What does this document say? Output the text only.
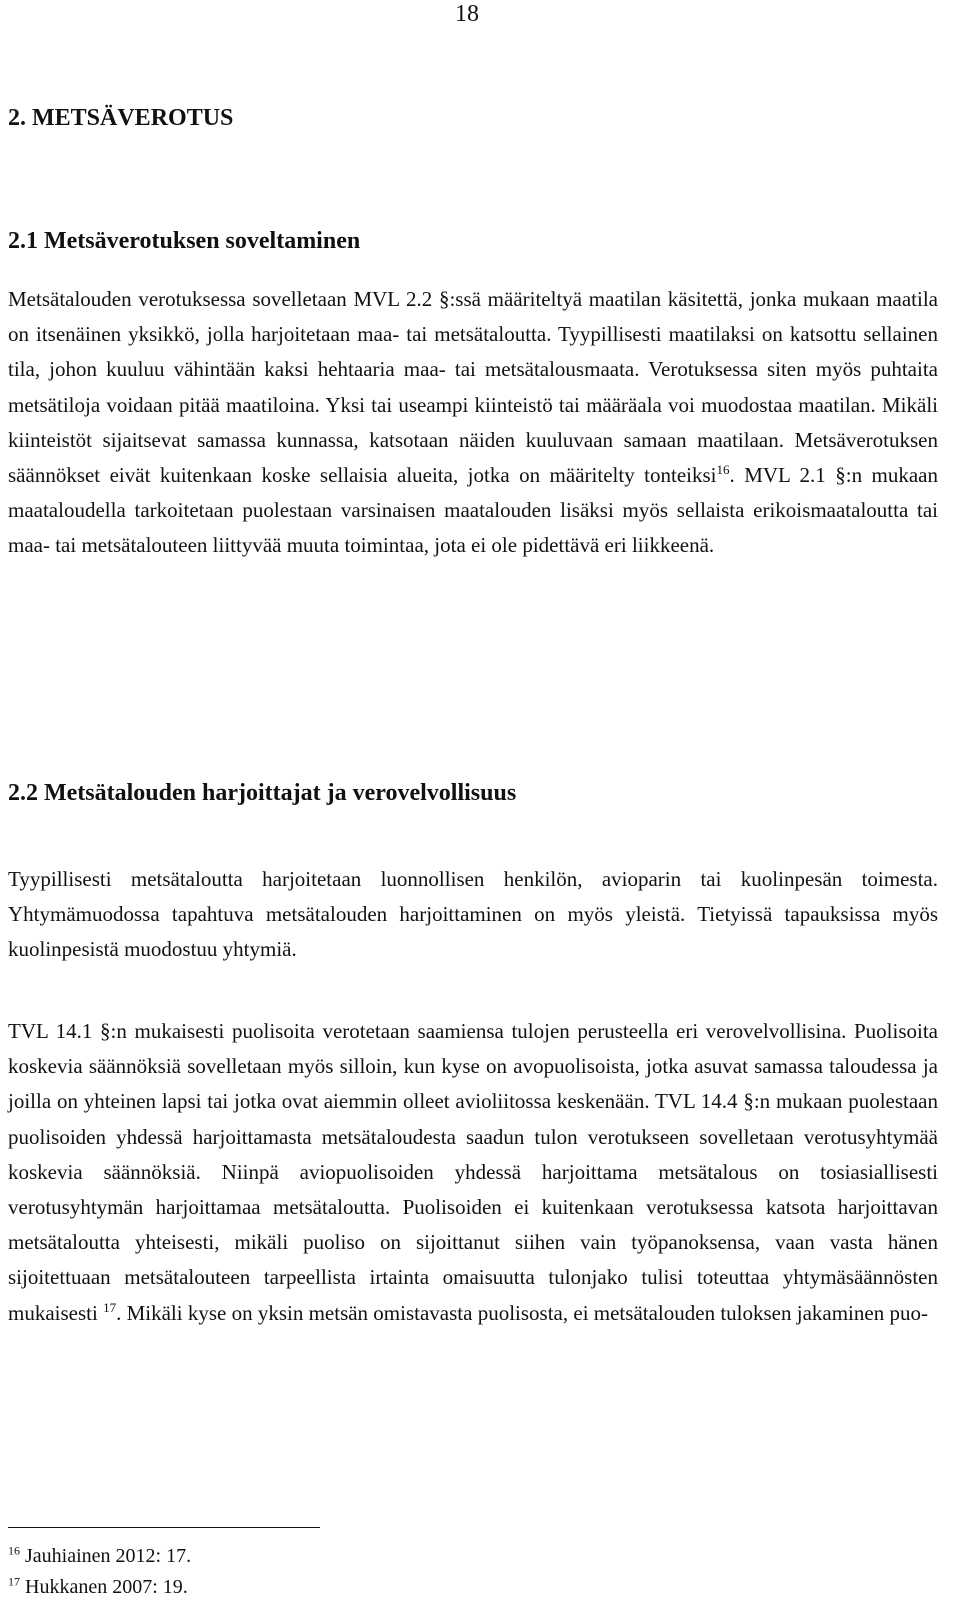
18
2. METSÄVEROTUS
2.1 Metsäverotuksen soveltaminen

Metsätalouden verotuksessa sovelletaan MVL 2.2 §:ssä määriteltyä maatilan käsitettä, jonka mukaan maatila on itsenäinen yksikkö, jolla harjoitetaan maa- tai metsätaloutta. Tyypillisesti maatilaksi on katsottu sellainen tila, johon kuuluu vähintään kaksi hehtaaria maa- tai metsätalousmaata. Verotuksessa siten myös puhtaita metsätiloja voidaan pitää maatiloina. Yksi tai useampi kiinteistö tai määräala voi muodostaa maatilan. Mikäli kiinteistöt sijaitsevat samassa kunnassa, katsotaan näiden kuuluvaan samaan maatilaan. Metsäverotuksen säännökset eivät kuitenkaan koske sellaisia alueita, jotka on määritelty tonteiksi$^{16}$. MVL 2.1 §:n mukaan maataloudella tarkoitetaan puolestaan varsinaisen maatalouden lisäksi myös sellaista erikoismaataloutta tai maa- tai metsätalouteen liittyvää muuta toimintaa, jota ei ole pidettävä eri liikkeenä.

2.2 Metsätalouden harjoittajat ja verovelvollisuus

Tyypillisesti metsätaloutta harjoitetaan luonnollisen henkilön, avioparin tai kuolinpesän toimesta. Yhtymämuodossa tapahtuva metsätalouden harjoittaminen on myös yleistä. Tietyissä tapauksissa myös kuolinpesistä muodostuu yhtymiä.

TVL 14.1 §:n mukaisesti puolisoita verotetaan saamiensa tulojen perusteella eri verovelvollisina. Puolisoita koskevia säännöksiä sovelletaan myös silloin, kun kyse on avopuolisoista, jotka asuvat samassa taloudessa ja joilla on yhteinen lapsi tai jotka ovat aiemmin olleet avioliitossa keskenään. TVL 14.4 §:n mukaan puolestaan puolisoiden yhdessä harjoittamasta metsätaloudesta saadun tulon verotukseen sovelletaan verotusyhtymää koskevia säännöksiä. Niinpä aviopuolisoiden yhdessä harjoittama metsätalous on tosiasiallisesti verotusyhtymän harjoittamaa metsätaloutta. Puolisoiden ei kuitenkaan verotuksessa katsota harjoittavan metsätaloutta yhteisesti, mikäli puoliso on sijoittanut siihen vain työpanoksensa, vaan vasta hänen sijoitettuaan metsätalouteen tarpeellista irtainta omaisuutta tulonjako tulisi toteuttaa yhtymäsäännösten mukaisesti $^{17}$. Mikäli kyse on yksin metsän omistavasta puolisosta, ei metsätalouden tuloksen jakaminen puo-

$^{16}$ Jauhiainen 2012: 17.
$^{17}$ Hukkanen 2007: 19.
